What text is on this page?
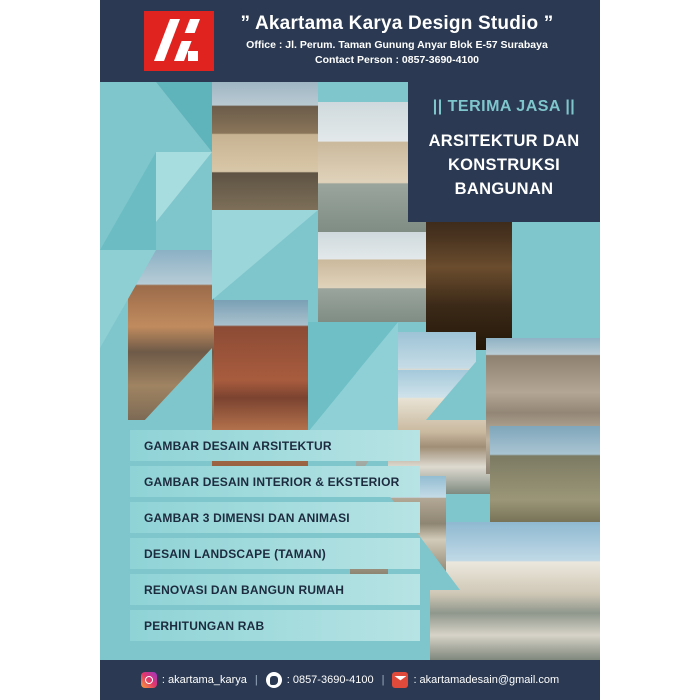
” Akartama Karya Design Studio ”
Office : Jl. Perum. Taman Gunung Anyar Blok E-57 Surabaya
Contact Person : 0857-3690-4100
|| TERIMA JASA ||
ARSITEKTUR DAN
KONSTRUKSI
BANGUNAN
GAMBAR DESAIN ARSITEKTUR
GAMBAR DESAIN INTERIOR & EKSTERIOR
GAMBAR 3 DIMENSI DAN ANIMASI
DESAIN LANDSCAPE (TAMAN)
RENOVASI DAN BANGUN RUMAH
PERHITUNGAN RAB
: akartama_karya |	: 0857-3690-4100 |	: akartamadesain@gmail.com
